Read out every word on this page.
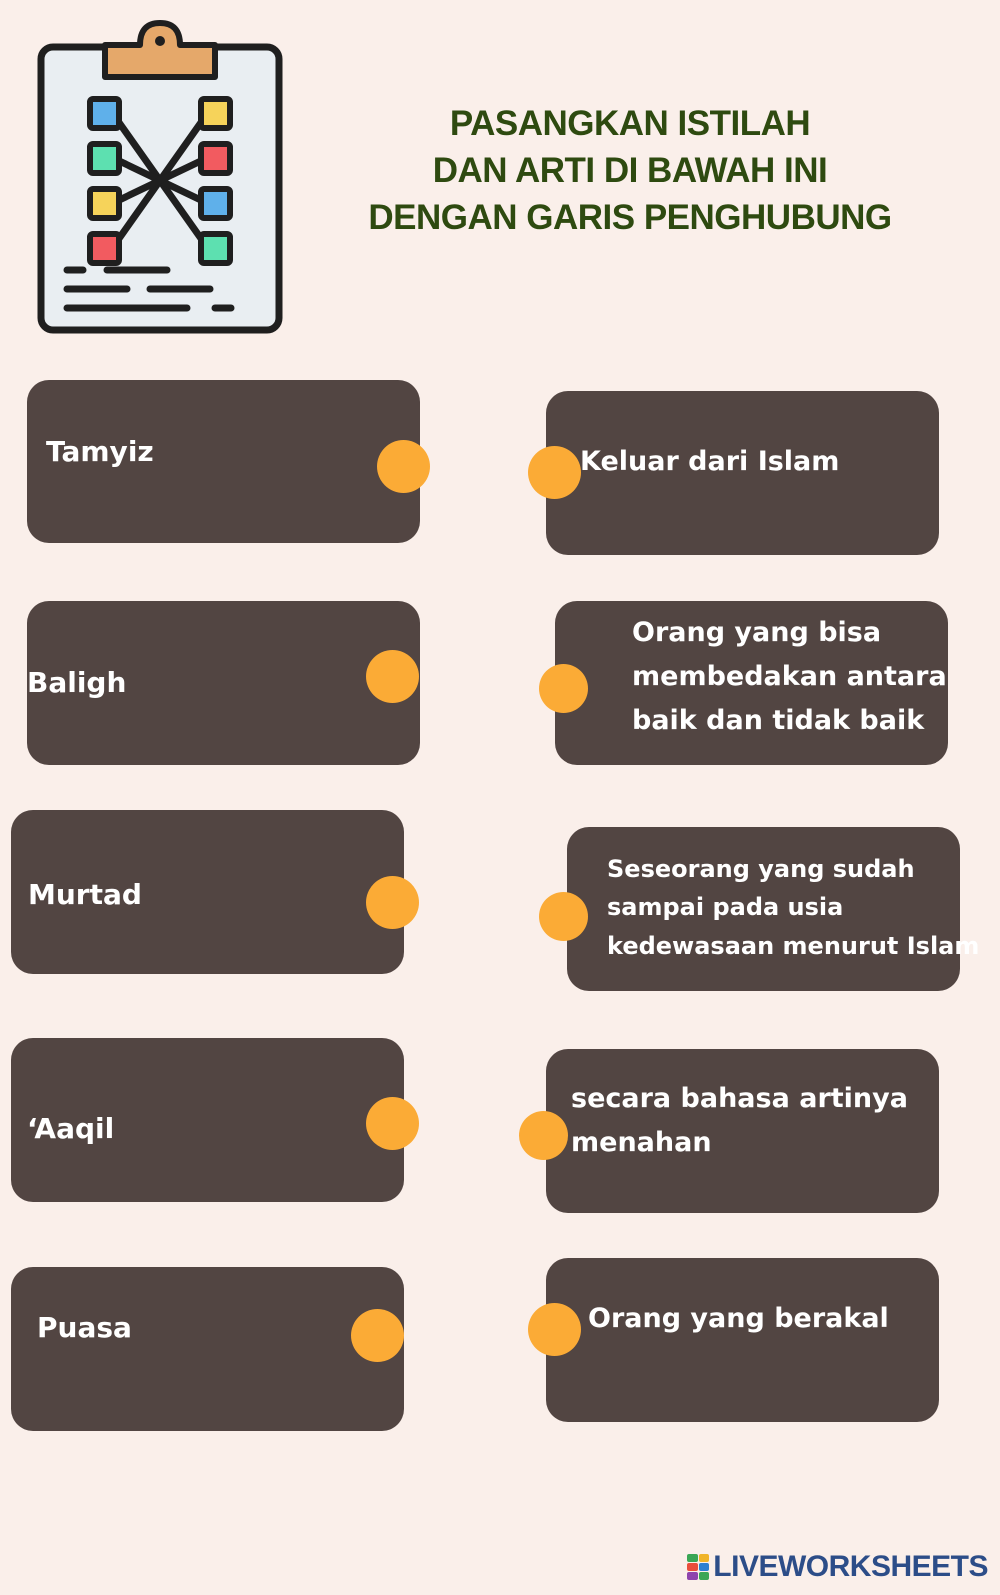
PASANGKAN ISTILAH
DAN ARTI DI BAWAH INI
DENGAN GARIS PENGHUBUNG
Tamyiz
Baligh
Murtad
‘Aaqil
Puasa
Keluar dari Islam
Orang yang bisa
membedakan antara
baik dan tidak baik
Seseorang yang sudah
sampai pada usia
kedewasaan menurut Islam
secara bahasa artinya
menahan
Orang yang berakal
LIVEWORKSHEETS
